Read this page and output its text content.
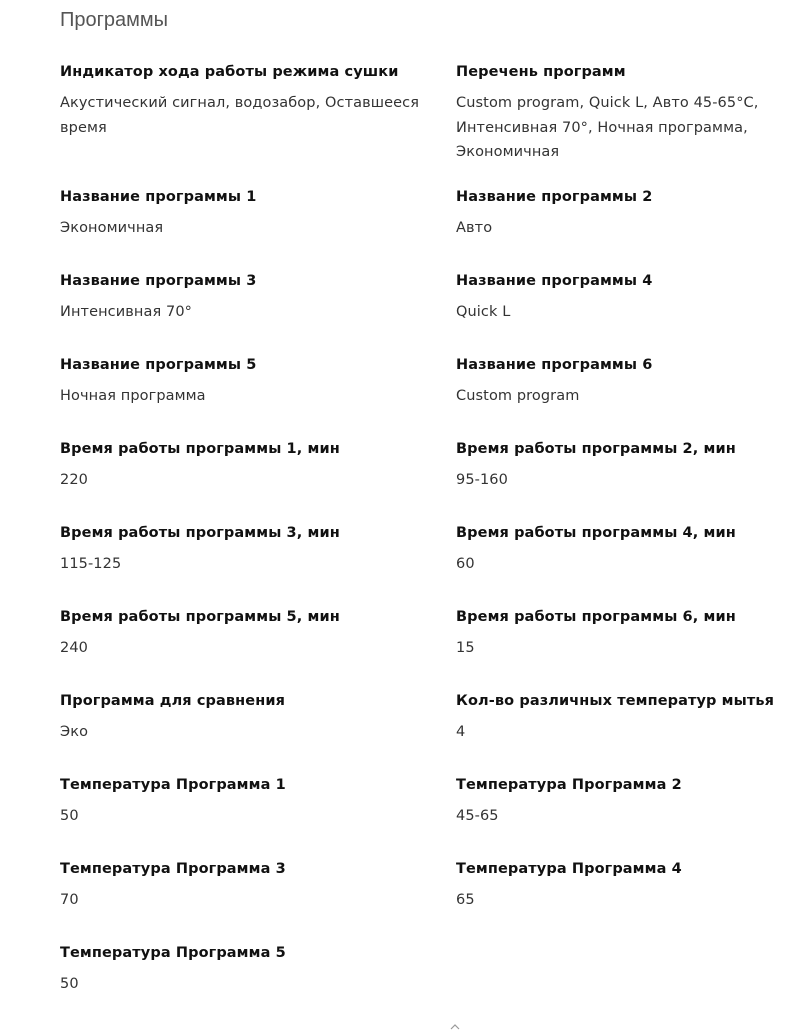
Программы

Индикатор хода работы режима сушки

Акустический сигнал, водозабор, Оставшееся время

Перечень программ

Custom program, Quick L, Авто 45-65°C, Интенсивная 70°, Ночная программа, Экономичная

Название программы 1

Экономичная

Название программы 2

Авто

Название программы 3

Интенсивная 70°

Название программы 4

Quick L

Название программы 5

Ночная программа

Название программы 6

Custom program

Время работы программы 1, мин

220

Время работы программы 2, мин

95-160

Время работы программы 3, мин

115-125

Время работы программы 4, мин

60

Время работы программы 5, мин

240

Время работы программы 6, мин

15

Программа для сравнения

Эко

Кол-во различных температур мытья

4

Температура Программа 1

50

Температура Программа 2

45-65

Температура Программа 3

70

Температура Программа 4

65

Температура Программа 5

50
